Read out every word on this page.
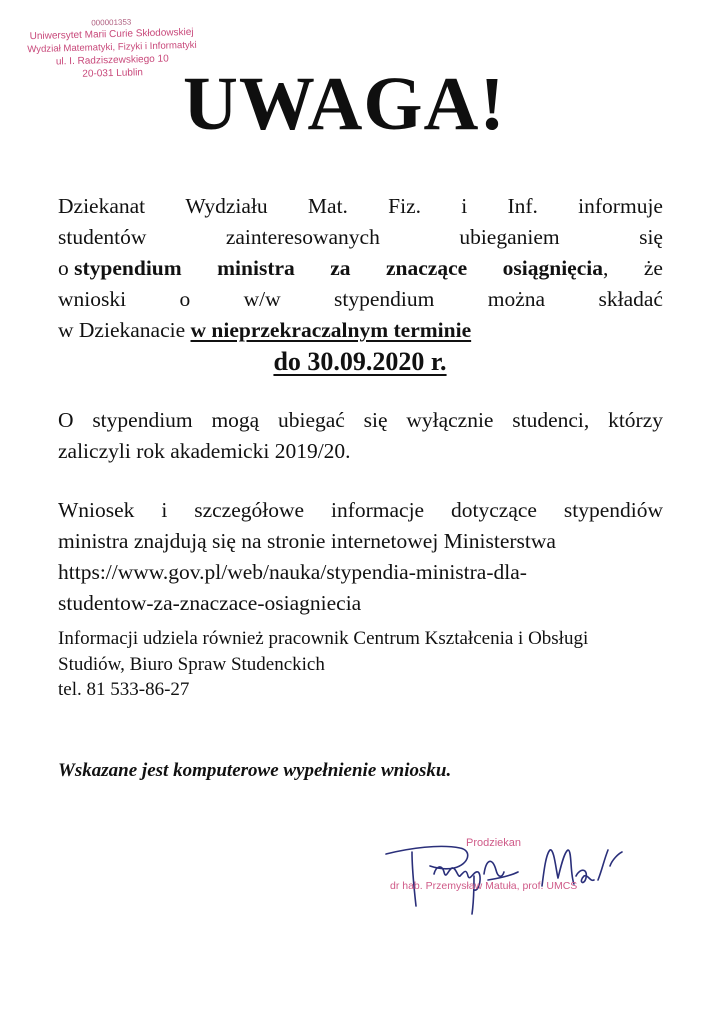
000001353
Uniwersytet Marii Curie Skłodowskiej
Wydział Matematyki, Fizyki i Informatyki
ul. I. Radziszewskiego 10
20-031 Lublin UWAGA!
Dziekanat Wydziału Mat. Fiz. i Inf. informuje
studentów	zainteresowanych	ubieganiem	się
o stypendium ministra za znaczące osiągnięcia, że
wnioski o w/w stypendium można składać
w Dziekanacie w nieprzekraczalnym terminie
do 30.09.2020 r.
O stypendium mogą ubiegać się wyłącznie studenci, którzy
zaliczyli rok akademicki 2019/20.
Wniosek i szczegółowe informacje dotyczące stypendiów
ministra znajdują się na stronie internetowej Ministerstwa
https://www.gov.pl/web/nauka/stypendia-ministra-dla-
studentow-za-znaczace-osiagniecia
Informacji udziela również pracownik Centrum Kształcenia i Obsługi
Studiów, Biuro Spraw Studenckich
tel. 81 533-86-27
Wskazane jest komputerowe wypełnienie wniosku.
Prodziekan
dr hab. Przemysław Matuła, prof. UMCS
